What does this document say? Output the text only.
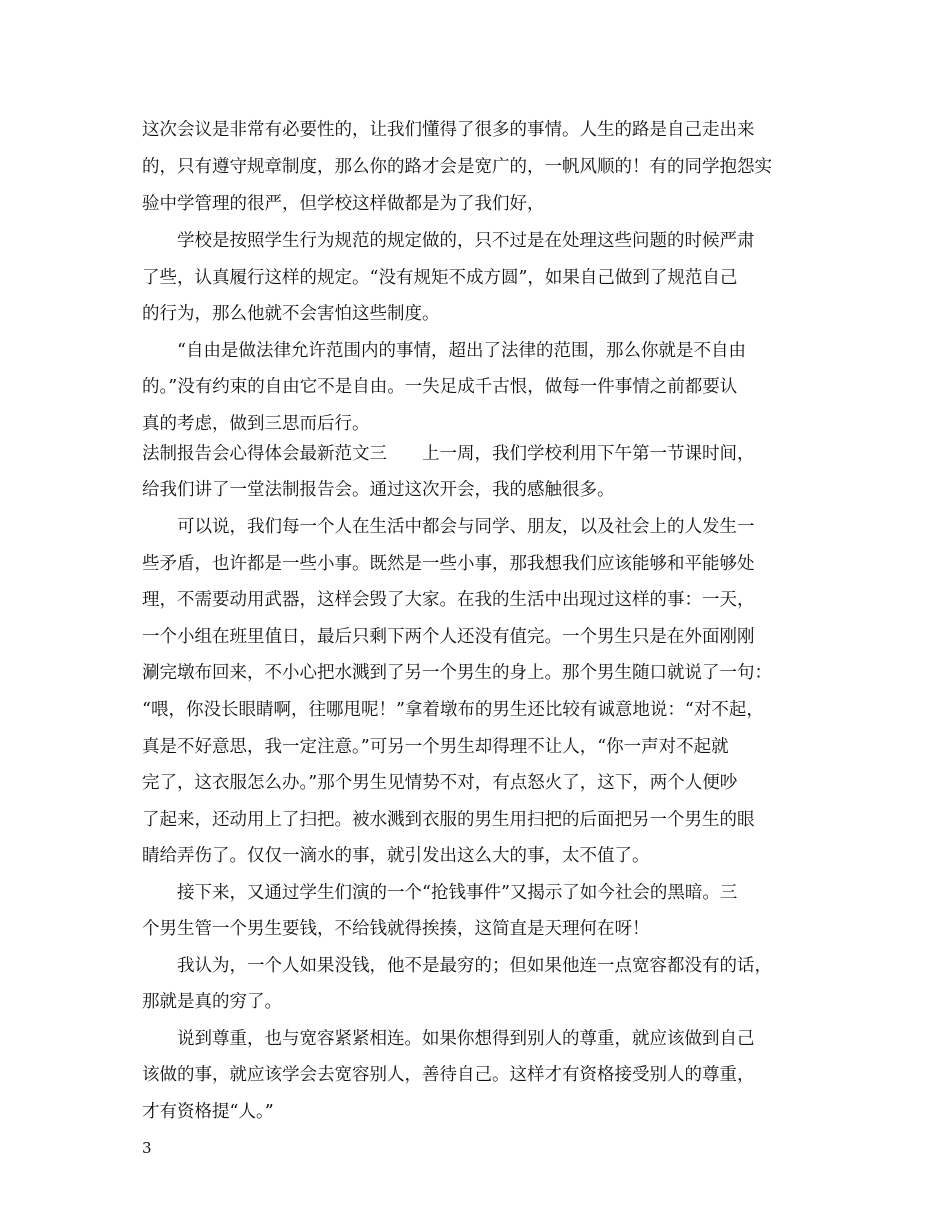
这次会议是非常有必要性的，让我们懂得了很多的事情。人生的路是自己走出来
的，只有遵守规章制度，那么你的路才会是宽广的，一帆风顺的！有的同学抱怨实
验中学管理的很严，但学校这样做都是为了我们好，
　　学校是按照学生行为规范的规定做的，只不过是在处理这些问题的时候严肃
了些，认真履行这样的规定。“没有规矩不成方圆”，如果自己做到了规范自己
的行为，那么他就不会害怕这些制度。
　　“自由是做法律允许范围内的事情，超出了法律的范围，那么你就是不自由
的。”没有约束的自由它不是自由。一失足成千古恨，做每一件事情之前都要认
真的考虑，做到三思而后行。
法制报告会心得体会最新范文三　　上一周，我们学校利用下午第一节课时间，
给我们讲了一堂法制报告会。通过这次开会，我的感触很多。
　　可以说，我们每一个人在生活中都会与同学、朋友，以及社会上的人发生一
些矛盾，也许都是一些小事。既然是一些小事，那我想我们应该能够和平能够处
理，不需要动用武器，这样会毁了大家。在我的生活中出现过这样的事：一天，
一个小组在班里值日，最后只剩下两个人还没有值完。一个男生只是在外面刚刚
涮完墩布回来，不小心把水溅到了另一个男生的身上。那个男生随口就说了一句：
“喂，你没长眼睛啊，往哪甩呢！”拿着墩布的男生还比较有诚意地说：“对不起，
真是不好意思，我一定注意。”可另一个男生却得理不让人，“你一声对不起就
完了，这衣服怎么办。”那个男生见情势不对，有点怒火了，这下，两个人便吵
了起来，还动用上了扫把。被水溅到衣服的男生用扫把的后面把另一个男生的眼
睛给弄伤了。仅仅一滴水的事，就引发出这么大的事，太不值了。
　　接下来，又通过学生们演的一个“抢钱事件”又揭示了如今社会的黑暗。三
个男生管一个男生要钱，不给钱就得挨揍，这简直是天理何在呀！
　　我认为，一个人如果没钱，他不是最穷的；但如果他连一点宽容都没有的话，
那就是真的穷了。
　　说到尊重，也与宽容紧紧相连。如果你想得到别人的尊重，就应该做到自己
该做的事，就应该学会去宽容别人，善待自己。这样才有资格接受别人的尊重，
才有资格提“人。”
3
